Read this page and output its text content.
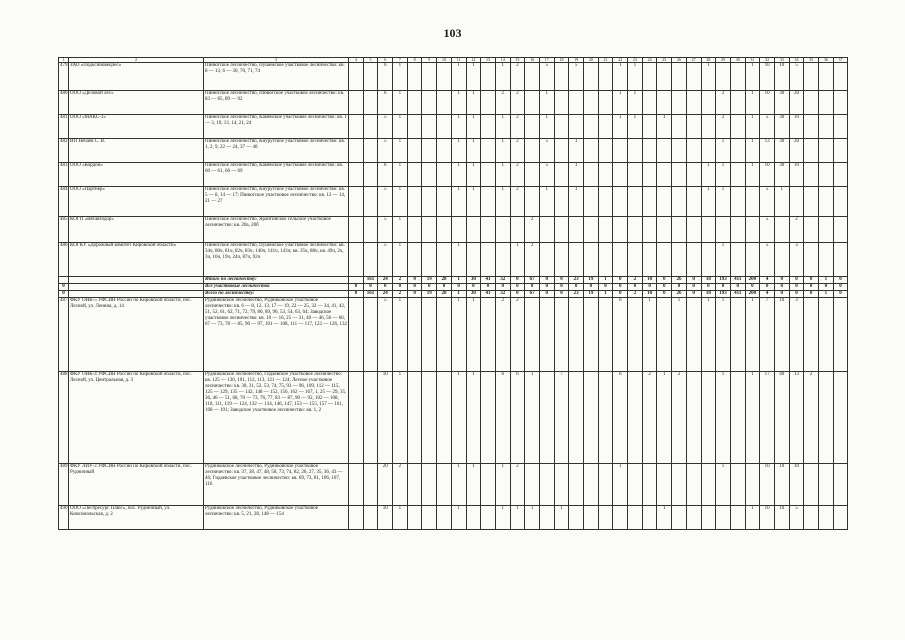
103
1	2	3	4	5	6	7	8	9	10	11	12	13	14	15	16	17	18	19	20	21	22	23	24	25	26	27	28	29	30	31	32	33	34	35	36	37
479	ЗАО «Подосиновецлес»	Пинюгское лесничество, Пушемское участковое лесничество: кв. 8 — 13, 6 — 30, 70, 71, 74			6	1				1	1		1	2		5		5			1	1					1			1	10	10	5			
480	ООО «Деловой лес»	Пинюгское лесничество, Пинюгское участковое лесничество: кв. 83 — 85, 89 — 92			6	1				1	1		2	2		1					1	1						2		1	10	30	20			
481	ООО «МАКС-1»	Пинюгское лесничество, Каменское участковое лесничество: кв. 1 — 3, 10, 13, 14, 21, 24			5	1				1	1		1	2		1					1	1		1				2		1	5	30	10			
482	ИП Нечаев С. В.	Пинюгское лесничество, Киуругское участковое лесничество: кв. 1, 2, 9, 22 — 24, 37 — 40			5	1				1	1		1	2		5		1										1		1	13	30	20			
483	ООО «Кордон»	Пинюгское лесничество, Каменское участковое лесничество: кв. 60 — 61, 66 — 69			6	1				1	1		1	2		5		1									1	1		1	10	30	10			
484	ООО «Партнёр»	Пинюгское лесничество, Киуругское участковое лесничество: кв. 5 — 8, 14 — 17; Пинюгское участковое лесничество: кв. 12 — 14, 21 — 27			5	1				1	1		1	2		1		1									1	1			5	1				
485	КОГП «Вятавтодор»	Пинюгское лесничество, Ярангинское сельское участковое лесничество: кв. 20а, 20б			5	1									2																5		2			
486	КОГКУ «Дорожный комитет Кировской области»	Пинюгское лесничество, Пушемское участковое лесничество: кв. 34ч, 80ч, 81ч, 82ч, 83ч, 140ч, 141ч, 143ч; кв. 35ч, 88ч, кв. 49ч, 2ч, 3ч, 16ч, 19ч, 24ч, 87ч, 92ч			5	1				1				1	2													1			5		3			
		Итого по лесничеству:		161	24	2	0	19	28	1	30	41	32	0	67	0	0	23	19	1	0	2	10	0	26	0	18	193	411	200	4	0	0	0	1	0
0		Все участковые лесничества	0	0	0	0	0	0	0	0	0	0	0	0	0	0	0	0	0	0	0	0	0	0	0	0	0	0	0	0	0	0	0	0	0	0
0		Всего по лесничеству:	0	161	24	2	0	19	28	1	30	41	32	0	67	0	0	23	19	1	0	2	10	0	26	0	18	193	411	200	4	0	0	0	1	0
487	ФКУ ОИК-5 УФСИН России по Кировской области, пос. Лесной, ул. Ленина, д. 14	Рудниковское лесничество, Рудниковское участковое лесничество: кв. 6 — 8, 12, 13, 17 — 19, 22 — 25, 32 — 34, 41, 42, 51, 52, 61, 62, 71, 72, 79, 80, 89, 90, 53, 54, 63, 64; Заводское участковое лесничество: кв. 10 — 16, 25 — 31, 40 — 46, 56 — 60, 67 — 73, 78 — 85, 90 — 97, 101 — 108, 111 — 117, 122 — 126, 132			5	1				1	1		2	2							6		1		1		1	1		1	7	10	3			
488	ФКУ ОИК-4 УФСИН России по Кировской области, пос. Лесной, ул. Центральная, д. 3	Рудниковское лесничество, Гидаевское участковое лесничество: кв. 125 — 130, 101, 112, 113, 121 — 124; Лесное участковое лесничество: кв. 30, 31, 52, 53, 74, 75, 93 — 96, 109, 112 — 115, 125 — 129, 135 — 142, 148 — 152, 156, 162 — 167, 1, 25 — 29, 35, 36, 46 — 51, 68, 70 — 73, 76, 77, 83 — 87, 90 — 92, 102 — 108, 110, 111, 119 — 124, 132 — 134, 146, 147, 153 — 155, 157 — 161, 168 — 191; Заводское участковое лесничество: кв. 1, 2			10	1				1	1		6	6	1		7				6		2	1	2			1		1	17	40	13	2		
489	ФКУ ЛИУ-3 УФСИН России по Кировской области, пос. Рудничный	Рудниковское лесничество, Рудниковское участковое лесничество: кв. 37, 38, 47, 48, 58, 73, 74, 82, 26, 27, 35, 36, 43 — 46; Гидаевское участковое лесничество: кв. 69, 73, 81, 106, 107, 116			20	2				1	1		1	2							1							1			10	10	10			
490	ООО «Леспресурс Плюс», пос. Рудничный, ул. Комсомольская, д. 2	Рудниковское лесничество, Рудниковское участковое лесничество: кв. 5, 21, 28, 148 — 154			10	1				1			1	1	1		1							1						1	10	10	5			
